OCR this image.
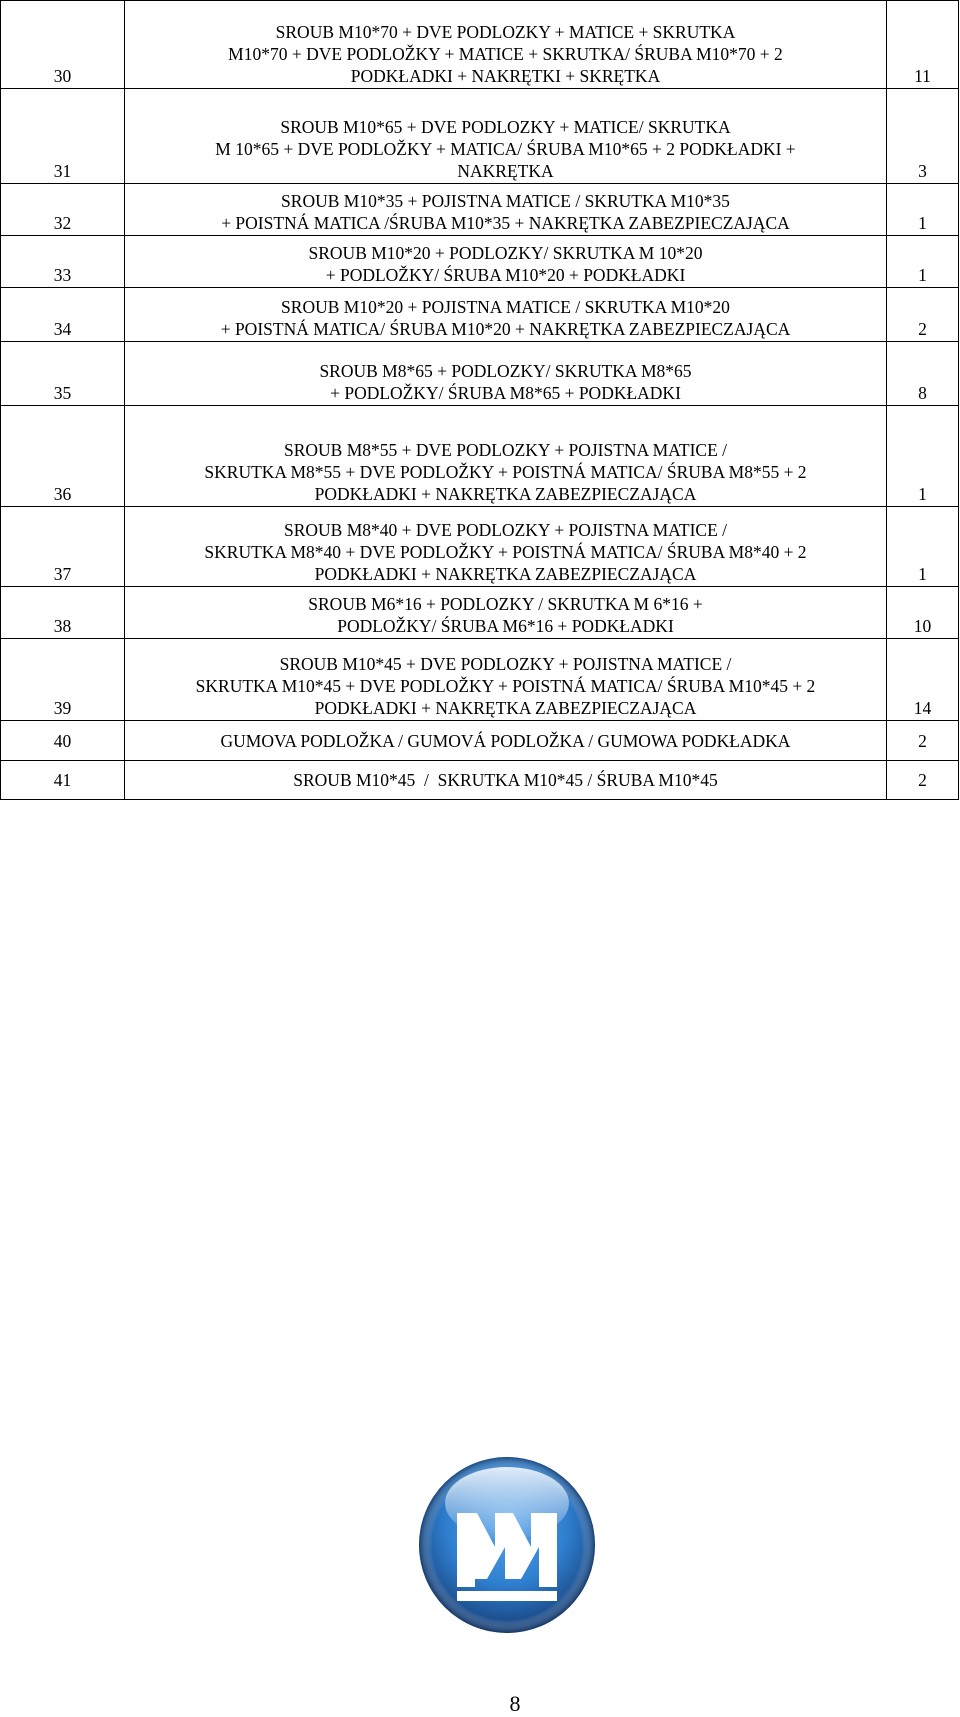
30	SROUB M10*70 + DVE PODLOZKY + MATICE + SKRUTKA
M10*70 + DVE PODLOŽKY + MATICE + SKRUTKA/ ŚRUBA M10*70 + 2
PODKŁADKI + NAKRĘTKI + SKRĘTKA	11
31	SROUB M10*65 + DVE PODLOZKY + MATICE/ SKRUTKA
M 10*65 + DVE PODLOŽKY + MATICA/ ŚRUBA M10*65 + 2 PODKŁADKI +
NAKRĘTKA	3
32	SROUB M10*35 + POJISTNA MATICE / SKRUTKA M10*35
+ POISTNÁ MATICA /ŚRUBA M10*35 + NAKRĘTKA ZABEZPIECZAJĄCA	1
33	SROUB M10*20 + PODLOZKY/ SKRUTKA M 10*20
+ PODLOŽKY/ ŚRUBA M10*20 + PODKŁADKI	1
34	SROUB M10*20 + POJISTNA MATICE / SKRUTKA M10*20
+ POISTNÁ MATICA/ ŚRUBA M10*20 + NAKRĘTKA ZABEZPIECZAJĄCA	2
35	SROUB M8*65 + PODLOZKY/ SKRUTKA M8*65
+ PODLOŽKY/ ŚRUBA M8*65 + PODKŁADKI	8
36	SROUB M8*55 + DVE PODLOZKY + POJISTNA MATICE /
SKRUTKA M8*55 + DVE PODLOŽKY + POISTNÁ MATICA/ ŚRUBA M8*55 + 2
PODKŁADKI + NAKRĘTKA ZABEZPIECZAJĄCA	1
37	SROUB M8*40 + DVE PODLOZKY + POJISTNA MATICE /
SKRUTKA M8*40 + DVE PODLOŽKY + POISTNÁ MATICA/ ŚRUBA M8*40 + 2
PODKŁADKI + NAKRĘTKA ZABEZPIECZAJĄCA	1
38	SROUB M6*16 + PODLOZKY / SKRUTKA M 6*16 +
PODLOŽKY/ ŚRUBA M6*16 + PODKŁADKI	10
39	SROUB M10*45 + DVE PODLOZKY + POJISTNA MATICE /
SKRUTKA M10*45 + DVE PODLOŽKY + POISTNÁ MATICA/ ŚRUBA M10*45 + 2
PODKŁADKI + NAKRĘTKA ZABEZPIECZAJĄCA	14
40	GUMOVA PODLOŽKA / GUMOVÁ PODLOŽKA / GUMOWA PODKŁADKA	2
41	SROUB M10*45  /  SKRUTKA M10*45 / ŚRUBA M10*45	2
8
